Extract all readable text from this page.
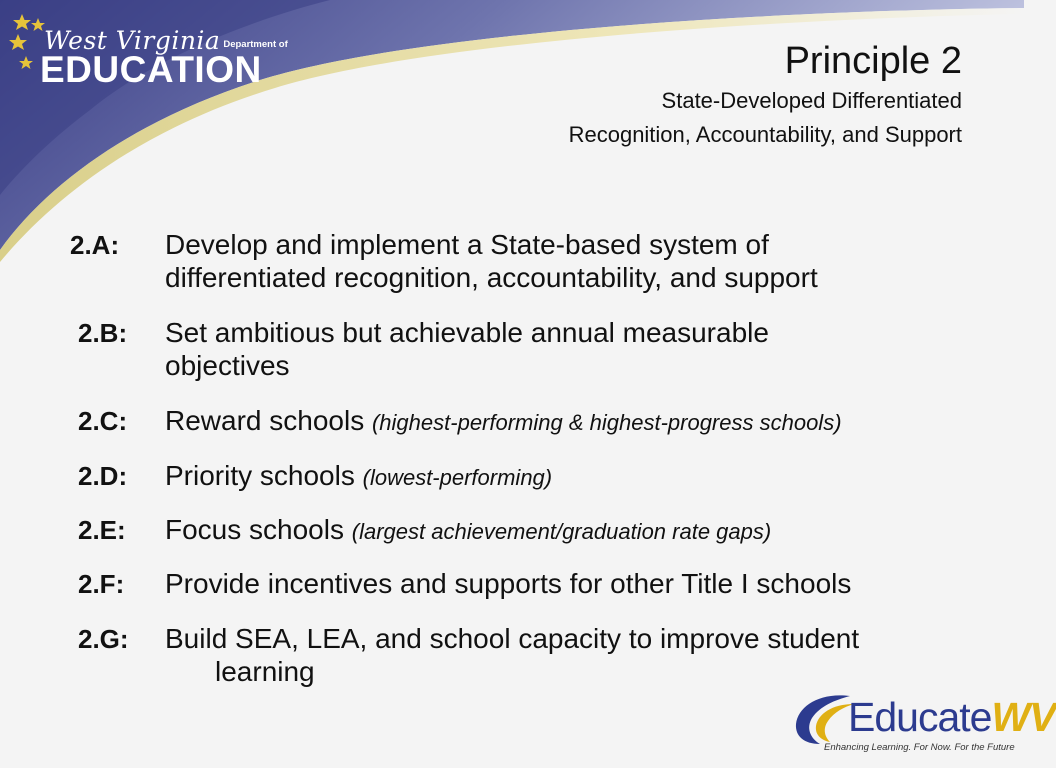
West Virginia Department of
EDUCATION	Principle 2
State-Developed Differentiated
Recognition, Accountability, and Support
2.A: Develop and implement a State-based system of differentiated recognition, accountability, and support
2.B: Set ambitious but achievable annual measurable objectives
2.C: Reward schools (highest-performing & highest-progress schools)
2.D: Priority schools (lowest-performing)
2.E: Focus schools (largest achievement/graduation rate gaps)
2.F: Provide incentives and supports for other Title I schools
2.G: Build SEA, LEA, and school capacity to improve student
learning
EducateWV
Enhancing Learning. For Now. For the Future
